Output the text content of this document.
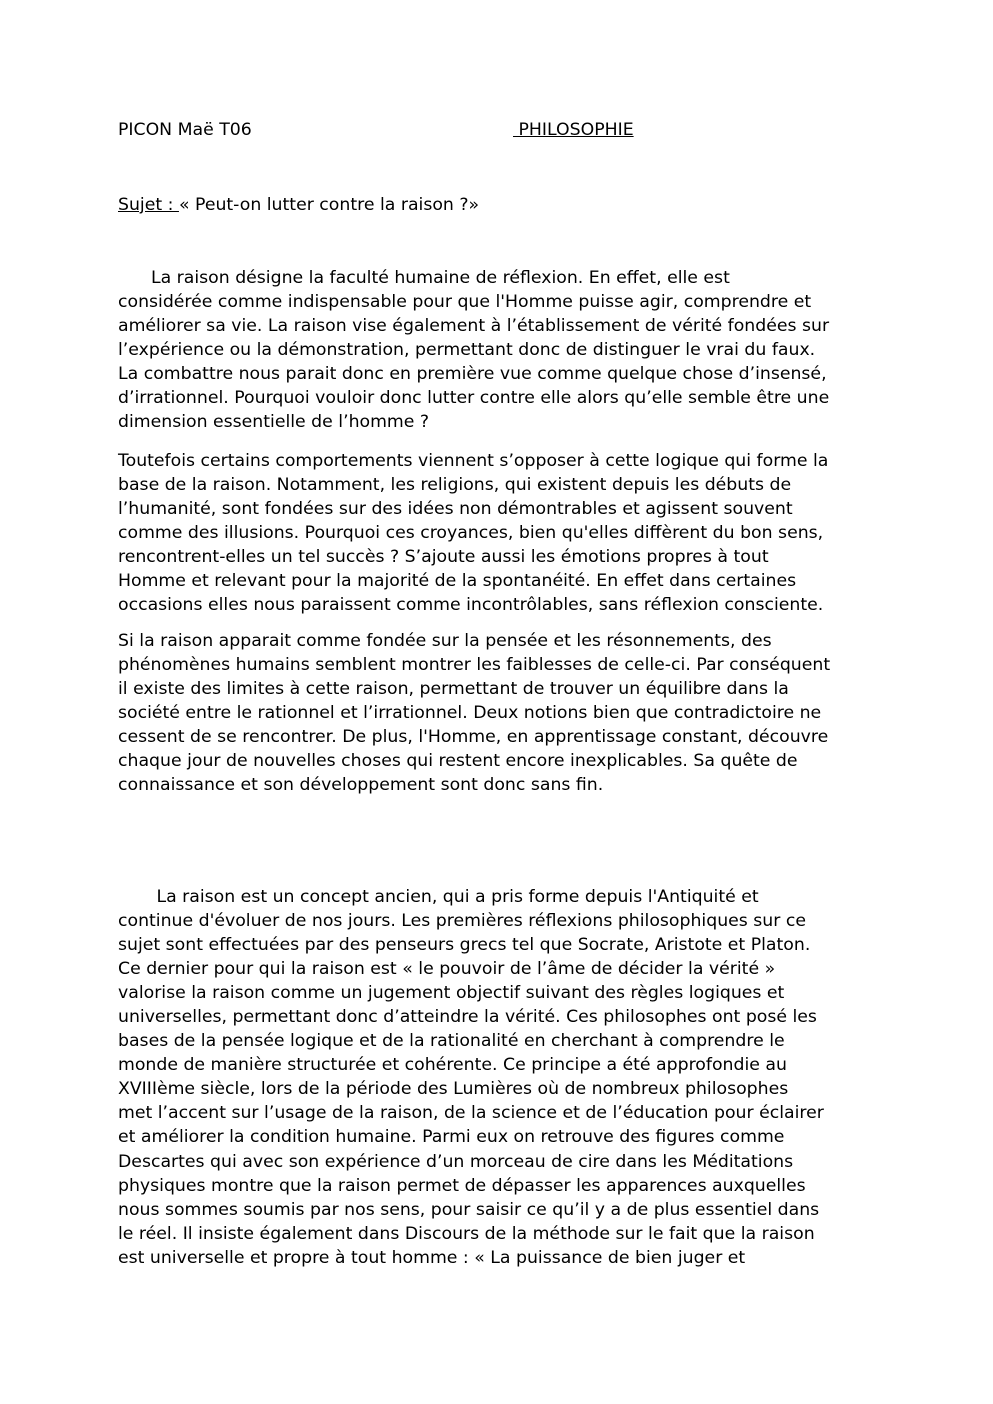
PICON Maë T06	PHILOSOPHIE
Sujet : « Peut-on lutter contre la raison ?»
La raison désigne la faculté humaine de réflexion. En effet, elle est
considérée comme indispensable pour que l'Homme puisse agir, comprendre et
améliorer sa vie. La raison vise également à l’établissement de vérité fondées sur
l’expérience ou la démonstration, permettant donc de distinguer le vrai du faux.
La combattre nous parait donc en première vue comme quelque chose d’insensé,
d’irrationnel. Pourquoi vouloir donc lutter contre elle alors qu’elle semble être une
dimension essentielle de l’homme ?
Toutefois certains comportements viennent s’opposer à cette logique qui forme la
base de la raison. Notamment, les religions, qui existent depuis les débuts de
l’humanité, sont fondées sur des idées non démontrables et agissent souvent
comme des illusions. Pourquoi ces croyances, bien qu'elles diffèrent du bon sens,
rencontrent-elles un tel succès ? S’ajoute aussi les émotions propres à tout
Homme et relevant pour la majorité de la spontanéité. En effet dans certaines
occasions elles nous paraissent comme incontrôlables, sans réflexion consciente.
Si la raison apparait comme fondée sur la pensée et les résonnements, des
phénomènes humains semblent montrer les faiblesses de celle-ci. Par conséquent
il existe des limites à cette raison, permettant de trouver un équilibre dans la
société entre le rationnel et l’irrationnel. Deux notions bien que contradictoire ne
cessent de se rencontrer. De plus, l'Homme, en apprentissage constant, découvre
chaque jour de nouvelles choses qui restent encore inexplicables. Sa quête de
connaissance et son développement sont donc sans fin.
La raison est un concept ancien, qui a pris forme depuis l'Antiquité et
continue d'évoluer de nos jours. Les premières réflexions philosophiques sur ce
sujet sont effectuées par des penseurs grecs tel que Socrate, Aristote et Platon.
Ce dernier pour qui la raison est « le pouvoir de l’âme de décider la vérité »
valorise la raison comme un jugement objectif suivant des règles logiques et
universelles, permettant donc d’atteindre la vérité. Ces philosophes ont posé les
bases de la pensée logique et de la rationalité en cherchant à comprendre le
monde de manière structurée et cohérente. Ce principe a été approfondie au
XVIIIème siècle, lors de la période des Lumières où de nombreux philosophes
met l’accent sur l’usage de la raison, de la science et de l’éducation pour éclairer
et améliorer la condition humaine. Parmi eux on retrouve des figures comme
Descartes qui avec son expérience d’un morceau de cire dans les Méditations
physiques montre que la raison permet de dépasser les apparences auxquelles
nous sommes soumis par nos sens, pour saisir ce qu’il y a de plus essentiel dans
le réel. Il insiste également dans Discours de la méthode sur le fait que la raison
est universelle et propre à tout homme : « La puissance de bien juger et
